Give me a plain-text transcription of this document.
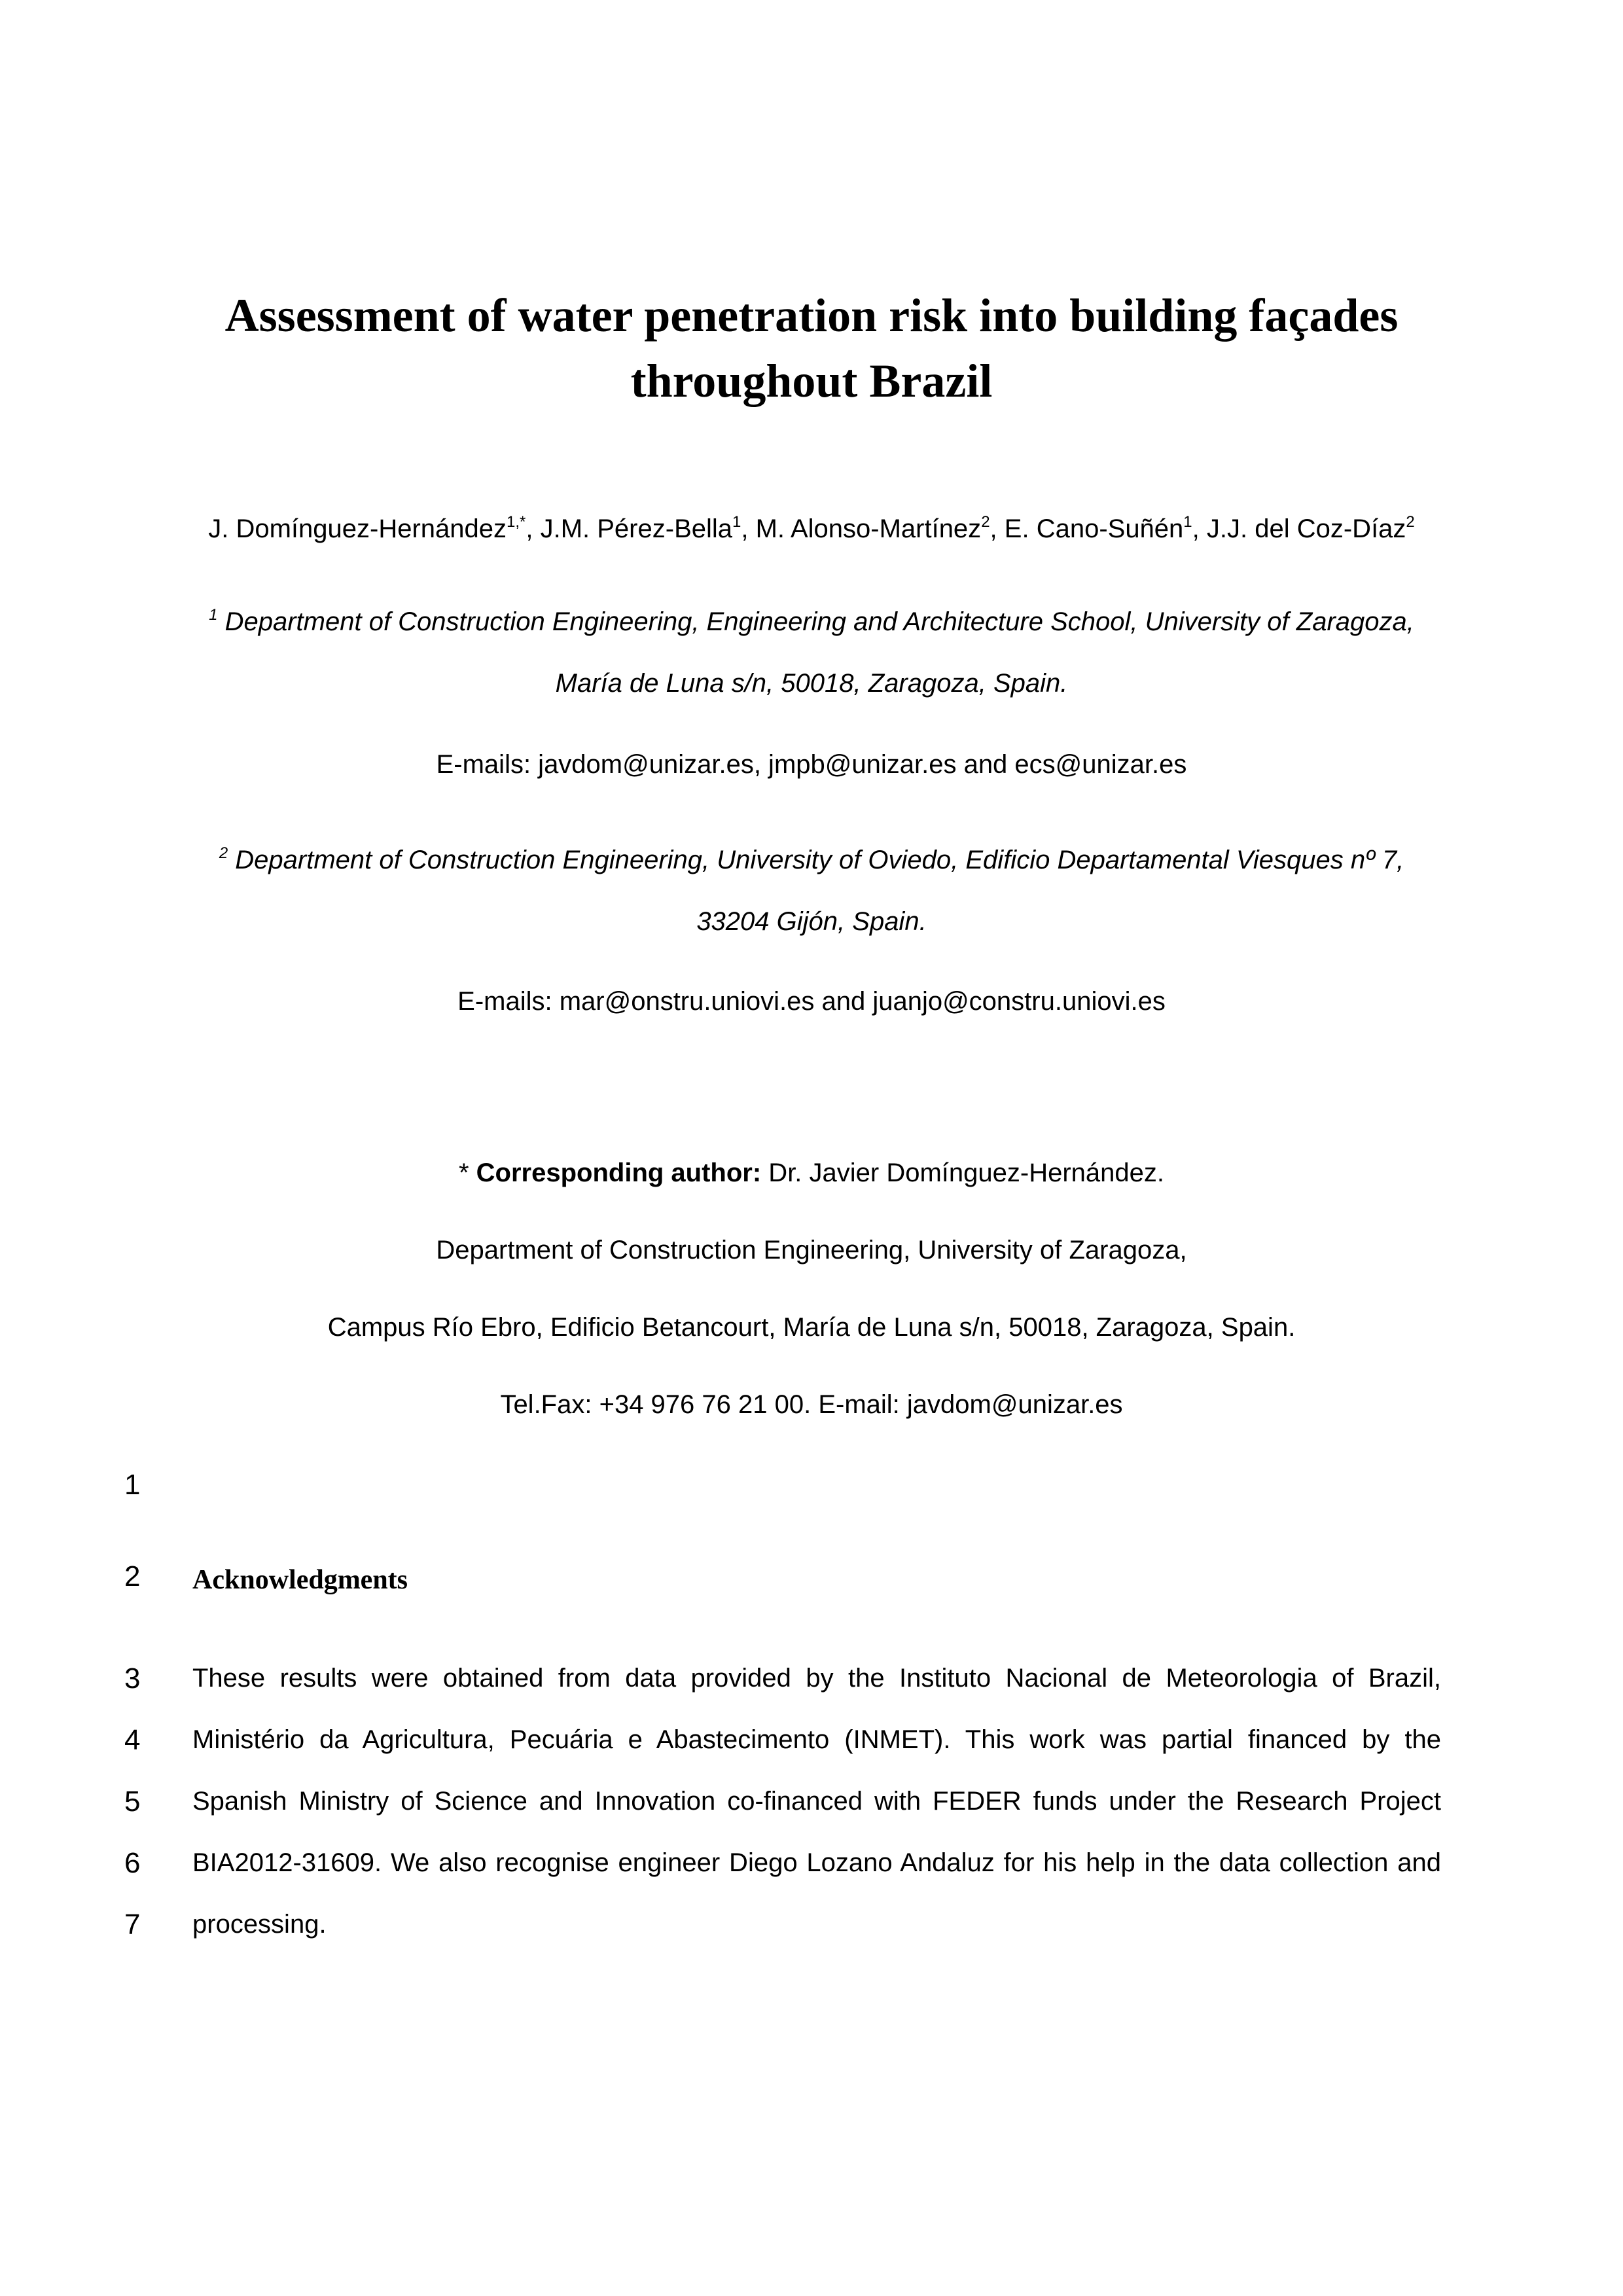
Assessment of water penetration risk into building façades
throughout Brazil
J. Domínguez-Hernández$^{1,*}$, J.M. Pérez-Bella$^1$, M. Alonso-Martínez$^2$, E. Cano-Suñén$^1$, J.J. del Coz-Díaz$^2$
$^1$ Department of Construction Engineering, Engineering and Architecture School, University of Zaragoza,
María de Luna s/n, 50018, Zaragoza, Spain.
E-mails: javdom@unizar.es, jmpb@unizar.es and ecs@unizar.es
$^2$ Department of Construction Engineering, University of Oviedo, Edificio Departamental Viesques nº 7,
33204 Gijón, Spain.
E-mails: mar@onstru.uniovi.es and juanjo@constru.uniovi.es
* Corresponding author: Dr. Javier Domínguez-Hernández.
Department of Construction Engineering, University of Zaragoza,
Campus Río Ebro, Edificio Betancourt, María de Luna s/n, 50018, Zaragoza, Spain.
Tel.Fax: +34 976 76 21 00. E-mail: javdom@unizar.es
1
2
3
4
5
6
7
Acknowledgments
These results were obtained from data provided by the Instituto Nacional de Meteorologia of Brazil,
Ministério da Agricultura, Pecuária e Abastecimento (INMET). This work was partial financed by the
Spanish Ministry of Science and Innovation co-financed with FEDER funds under the Research Project
BIA2012-31609. We also recognise engineer Diego Lozano Andaluz for his help in the data collection and
processing.
